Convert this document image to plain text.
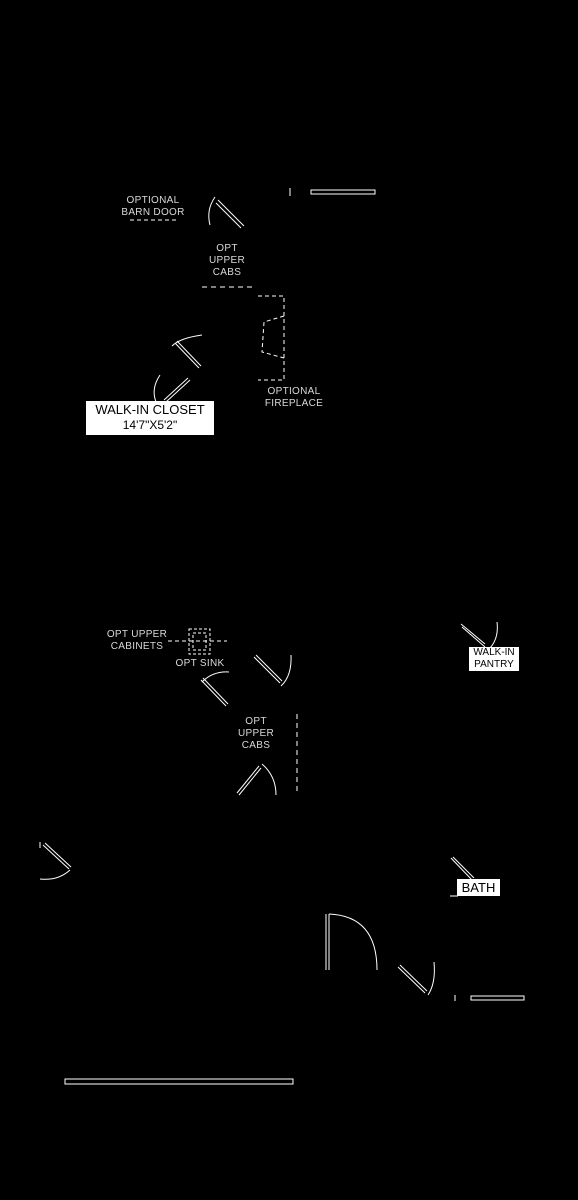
OPTIONAL
BARN DOOR
OPT
UPPER
CABS
OPTIONAL
FIREPLACE
WALK-IN CLOSET
14'7"X5'2"
OPT UPPER
CABINETS
OPT SINK
WALK-IN
PANTRY
OPT
UPPER
CABS
BATH
